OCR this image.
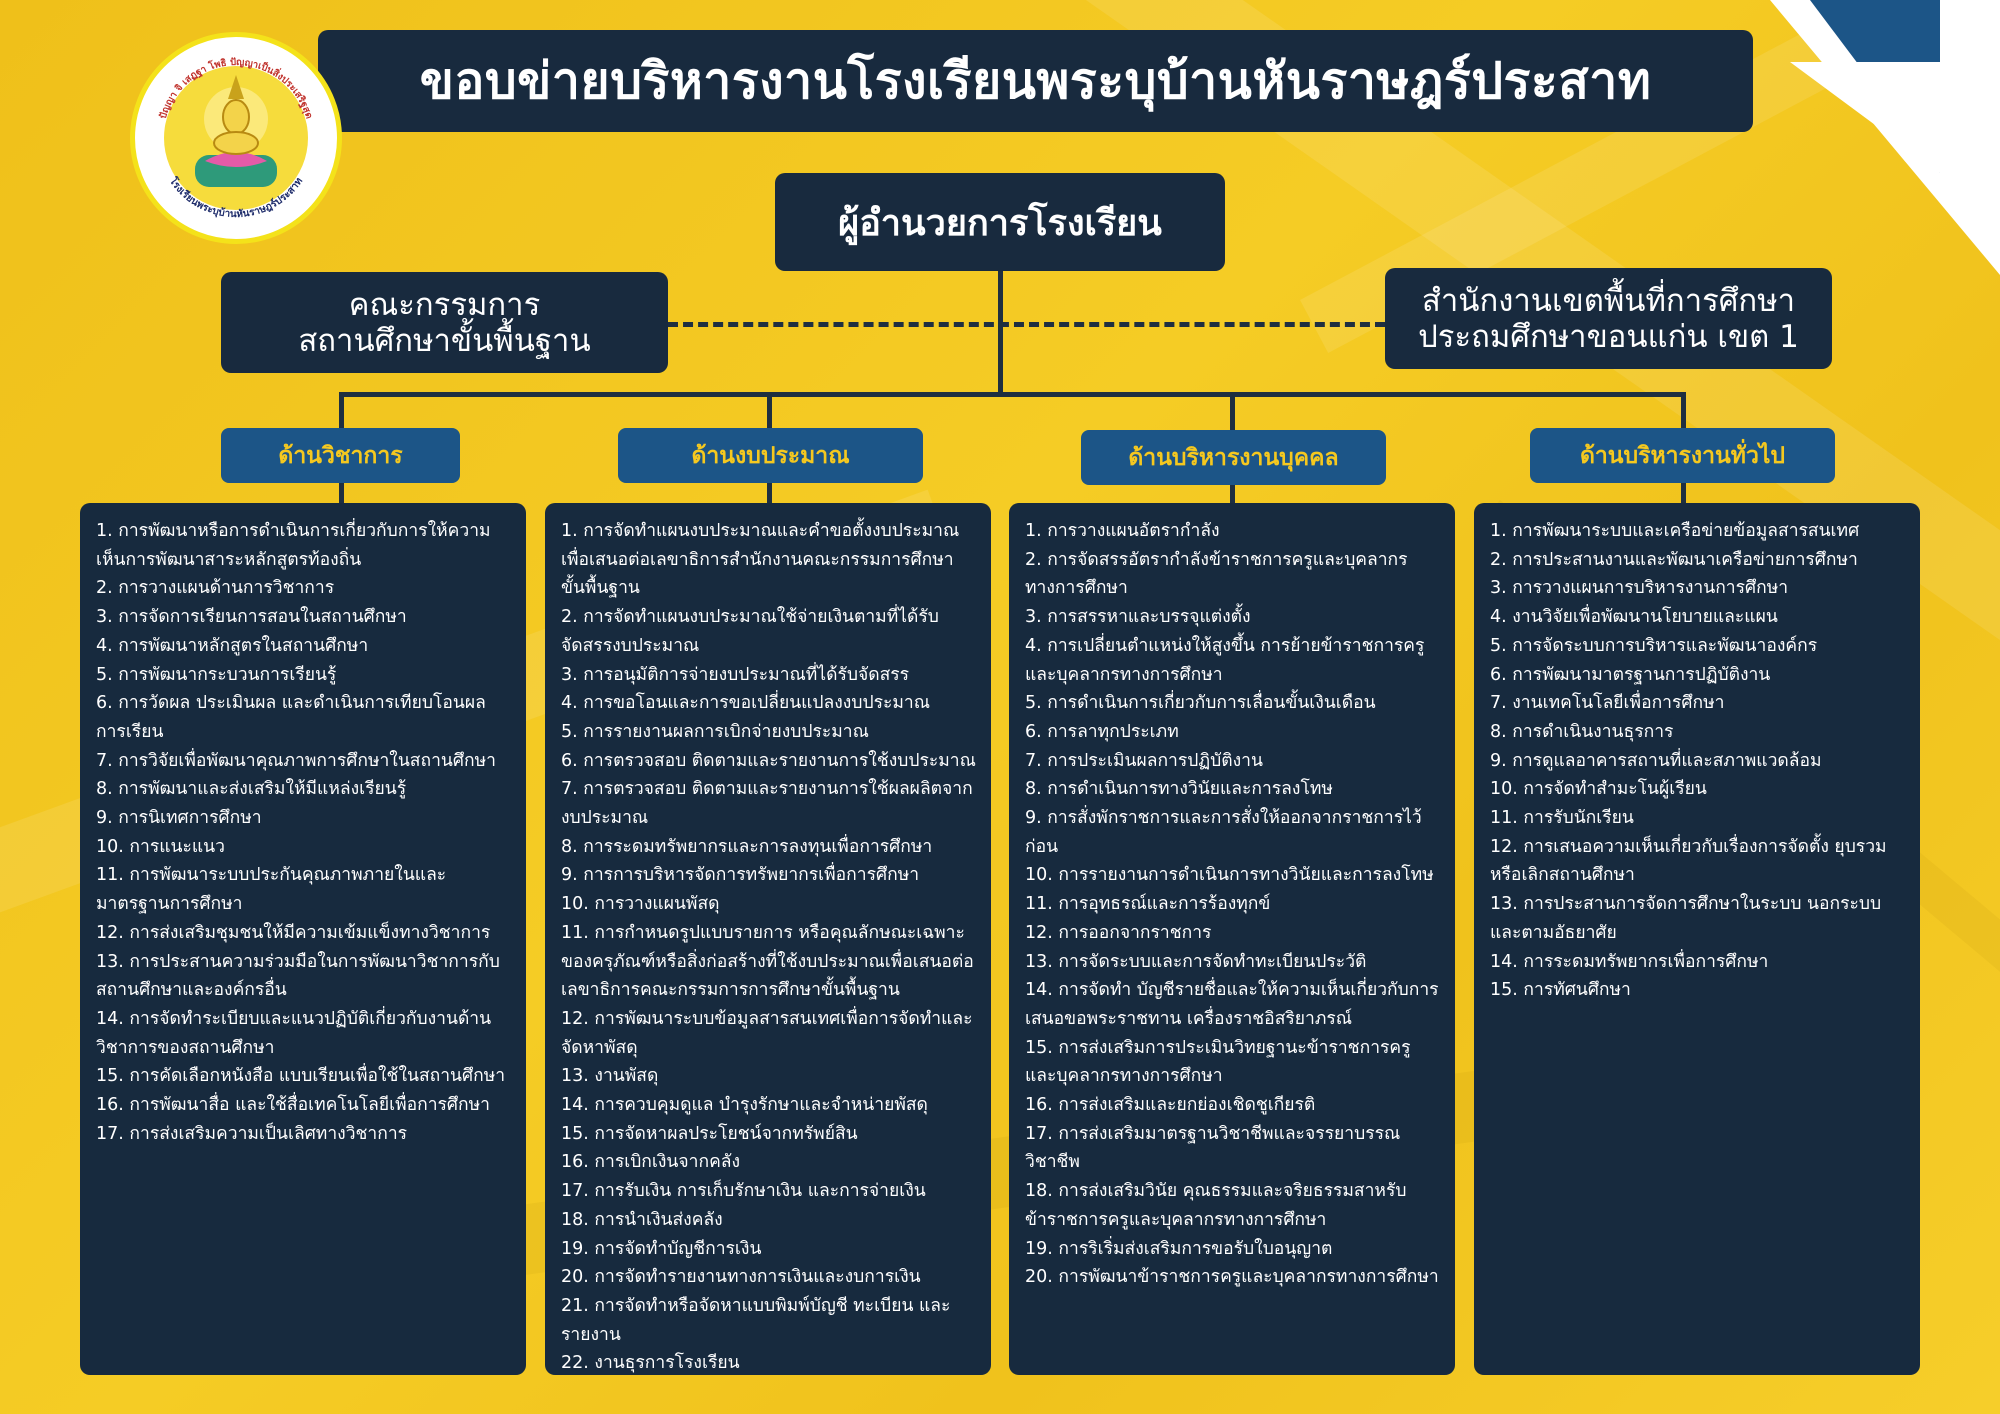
ขอบข่ายบริหารงานโรงเรียนพระบุบ้านหันราษฎร์ประสาท
ปัญญา จิ เสฏฐา โพธิ ปัญญาเป็นสิ่งประเสริฐสุด
โรงเรียนพระบุบ้านหันราษฎร์ประสาท
ผู้อำนวยการโรงเรียน
คณะกรรมการ
สถานศึกษาขั้นพื้นฐาน
สำนักงานเขตพื้นที่การศึกษา
ประถมศึกษาขอนแก่น เขต 1
ด้านวิชาการ	ด้านงบประมาณ	ด้านบริหารงานบุคคล	ด้านบริหารงานทั่วไป
1. การพัฒนาหรือการดำเนินการเกี่ยวกับการให้ความเห็นการพัฒนาสาระหลักสูตรท้องถิ่น
2. การวางแผนด้านการวิชาการ
3. การจัดการเรียนการสอนในสถานศึกษา
4. การพัฒนาหลักสูตรในสถานศึกษา
5. การพัฒนากระบวนการเรียนรู้
6. การวัดผล ประเมินผล และดำเนินการเทียบโอนผลการเรียน
7. การวิจัยเพื่อพัฒนาคุณภาพการศึกษาในสถานศึกษา
8. การพัฒนาและส่งเสริมให้มีแหล่งเรียนรู้
9. การนิเทศการศึกษา
10. การแนะแนว
11. การพัฒนาระบบประกันคุณภาพภายในและมาตรฐานการศึกษา
12. การส่งเสริมชุมชนให้มีความเข้มแข็งทางวิชาการ
13. การประสานความร่วมมือในการพัฒนาวิชาการกับสถานศึกษาและองค์กรอื่น
14. การจัดทำระเบียบและแนวปฏิบัติเกี่ยวกับงานด้านวิชาการของสถานศึกษา
15. การคัดเลือกหนังสือ แบบเรียนเพื่อใช้ในสถานศึกษา
16. การพัฒนาสื่อ และใช้สื่อเทคโนโลยีเพื่อการศึกษา
17. การส่งเสริมความเป็นเลิศทางวิชาการ
1. การจัดทำแผนงบประมาณและคำขอตั้งงบประมาณเพื่อเสนอต่อเลขาธิการสำนักงานคณะกรรมการศึกษาขั้นพื้นฐาน
2. การจัดทำแผนงบประมาณใช้จ่ายเงินตามที่ได้รับจัดสรรงบประมาณ
3. การอนุมัติการจ่ายงบประมาณที่ได้รับจัดสรร
4. การขอโอนและการขอเปลี่ยนแปลงงบประมาณ
5. การรายงานผลการเบิกจ่ายงบประมาณ
6. การตรวจสอบ ติดตามและรายงานการใช้งบประมาณ
7. การตรวจสอบ ติดตามและรายงานการใช้ผลผลิตจากงบประมาณ
8. การระดมทรัพยากรและการลงทุนเพื่อการศึกษา
9. การการบริหารจัดการทรัพยากรเพื่อการศึกษา
10. การวางแผนพัสดุ
11. การกำหนดรูปแบบรายการ หรือคุณลักษณะเฉพาะของครุภัณฑ์หรือสิ่งก่อสร้างที่ใช้งบประมาณเพื่อเสนอต่อเลขาธิการคณะกรรมการการศึกษาขั้นพื้นฐาน
12. การพัฒนาระบบข้อมูลสารสนเทศเพื่อการจัดทำและจัดหาพัสดุ
13. งานพัสดุ
14. การควบคุมดูแล บำรุงรักษาและจำหน่ายพัสดุ
15. การจัดหาผลประโยชน์จากทรัพย์สิน
16. การเบิกเงินจากคลัง
17. การรับเงิน การเก็บรักษาเงิน และการจ่ายเงิน
18. การนำเงินส่งคลัง
19. การจัดทำบัญชีการเงิน
20. การจัดทำรายงานทางการเงินและงบการเงิน
21. การจัดทำหรือจัดหาแบบพิมพ์บัญชี ทะเบียน และรายงาน
22. งานธุรการโรงเรียน
1. การวางแผนอัตรากำลัง
2. การจัดสรรอัตรากำลังข้าราชการครูและบุคลากรทางการศึกษา
3. การสรรหาและบรรจุแต่งตั้ง
4. การเปลี่ยนตำแหน่งให้สูงขึ้น การย้ายข้าราชการครูและบุคลากรทางการศึกษา
5. การดำเนินการเกี่ยวกับการเลื่อนขั้นเงินเดือน
6. การลาทุกประเภท
7. การประเมินผลการปฏิบัติงาน
8. การดำเนินการทางวินัยและการลงโทษ
9. การสั่งพักราชการและการสั่งให้ออกจากราชการไว้ก่อน
10. การรายงานการดำเนินการทางวินัยและการลงโทษ
11. การอุทธรณ์และการร้องทุกข์
12. การออกจากราชการ
13. การจัดระบบและการจัดทำทะเบียนประวัติ
14. การจัดทำ บัญชีรายชื่อและให้ความเห็นเกี่ยวกับการเสนอขอพระราชทาน เครื่องราชอิสริยาภรณ์
15. การส่งเสริมการประเมินวิทยฐานะข้าราชการครูและบุคลากรทางการศึกษา
16. การส่งเสริมและยกย่องเชิดชูเกียรติ
17. การส่งเสริมมาตรฐานวิชาชีพและจรรยาบรรณวิชาชีพ
18. การส่งเสริมวินัย คุณธรรมและจริยธรรมสาหรับข้าราชการครูและบุคลากรทางการศึกษา
19. การริเริ่มส่งเสริมการขอรับใบอนุญาต
20. การพัฒนาข้าราชการครูและบุคลากรทางการศึกษา
1. การพัฒนาระบบและเครือข่ายข้อมูลสารสนเทศ
2. การประสานงานและพัฒนาเครือข่ายการศึกษา
3. การวางแผนการบริหารงานการศึกษา
4. งานวิจัยเพื่อพัฒนานโยบายและแผน
5. การจัดระบบการบริหารและพัฒนาองค์กร
6. การพัฒนามาตรฐานการปฏิบัติงาน
7. งานเทคโนโลยีเพื่อการศึกษา
8. การดำเนินงานธุรการ
9. การดูแลอาคารสถานที่และสภาพแวดล้อม
10. การจัดทำสำมะโนผู้เรียน
11. การรับนักเรียน
12. การเสนอความเห็นเกี่ยวกับเรื่องการจัดตั้ง ยุบรวมหรือเลิกสถานศึกษา
13. การประสานการจัดการศึกษาในระบบ นอกระบบและตามอัธยาศัย
14. การระดมทรัพยากรเพื่อการศึกษา
15. การทัศนศึกษา
